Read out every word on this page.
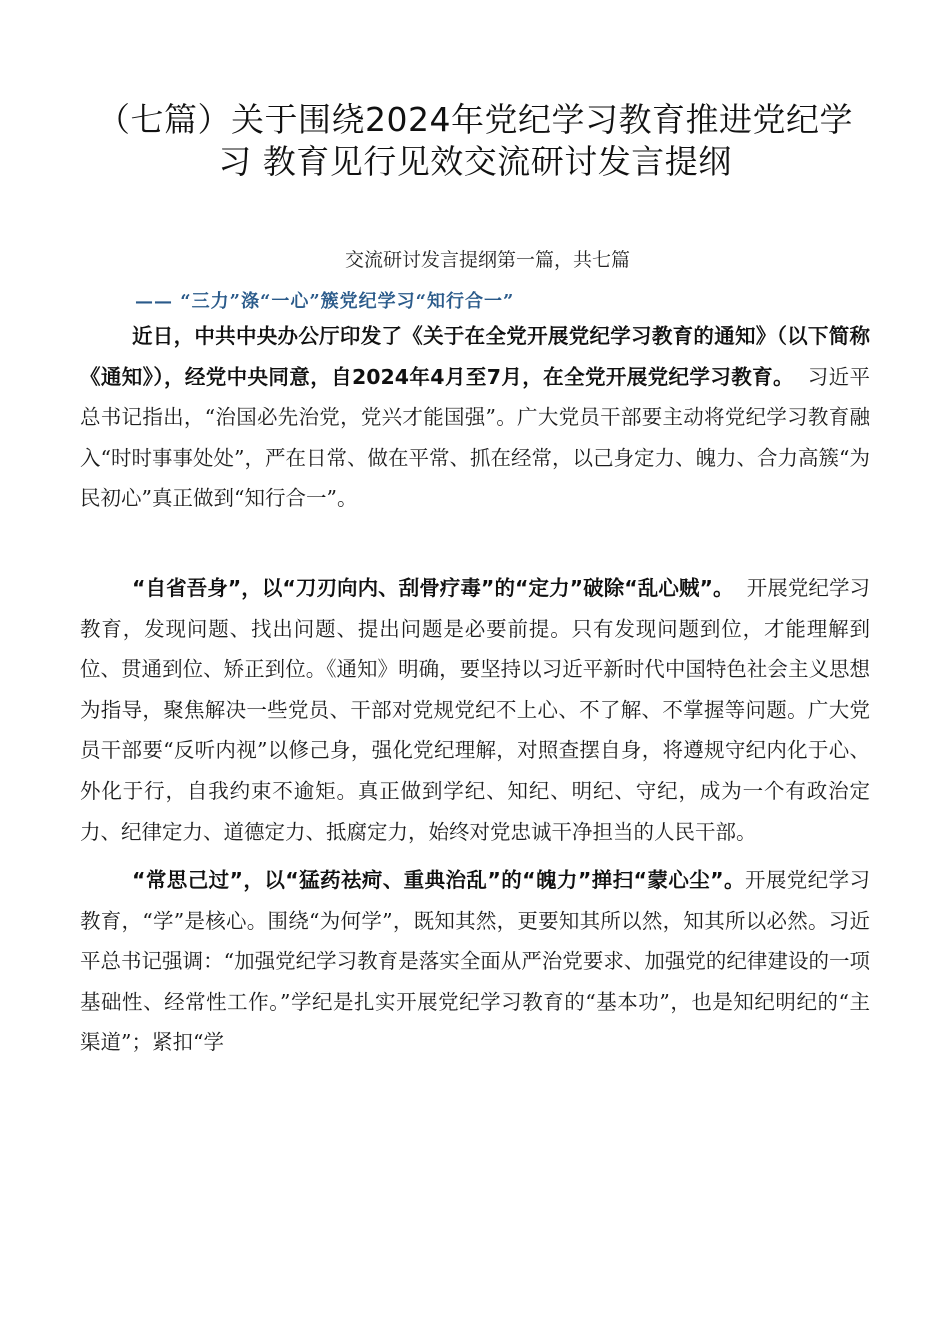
（七篇）关于围绕2024年党纪学习教育推进党纪学
习 教育见行见效交流研讨发言提纲
交流研讨发言提纲第一篇，共七篇
—— “三力”涤“一心”簇党纪学习“知行合一”

近日，中共中央办公厅印发了《关于在全党开展党纪学习教育的通知》（以下简称《通知》），经党中央同意，自2024年4月至7月，在全党开展党纪学习教育。 习近平总书记指出，“治国必先治党，党兴才能国强”。广大党员干部要主动将党纪学习教育融入“时时事事处处”，严在日常、做在平常、抓在经常，以己身定力、魄力、合力高簇“为民初心”真正做到“知行合一”。

“自省吾身”，以“刀刃向内、刮骨疗毒”的“定力”破除“乱心贼”。 开展党纪学习教育，发现问题、找出问题、提出问题是必要前提。只有发现问题到位，才能理解到位、贯通到位、矫正到位。《通知》明确，要坚持以习近平新时代中国特色社会主义思想为指导，聚焦解决一些党员、干部对党规党纪不上心、不了解、不掌握等问题。广大党员干部要“反听内视”以修己身，强化党纪理解，对照查摆自身，将遵规守纪内化于心、外化于行，自我约束不逾矩。真正做到学纪、知纪、明纪、守纪，成为一个有政治定力、纪律定力、道德定力、抵腐定力，始终对党忠诚干净担当的人民干部。

“常思己过”，以“猛药祛疴、重典治乱”的“魄力”掸扫“蒙心尘”。开展党纪学习教育，“学”是核心。围绕“为何学”，既知其然，更要知其所以然，知其所以必然。习近平总书记强调：“加强党纪学习教育是落实全面从严治党要求、加强党的纪律建设的一项基础性、经常性工作。”学纪是扎实开展党纪学习教育的“基本功”，也是知纪明纪的“主渠道”；紧扣“学
